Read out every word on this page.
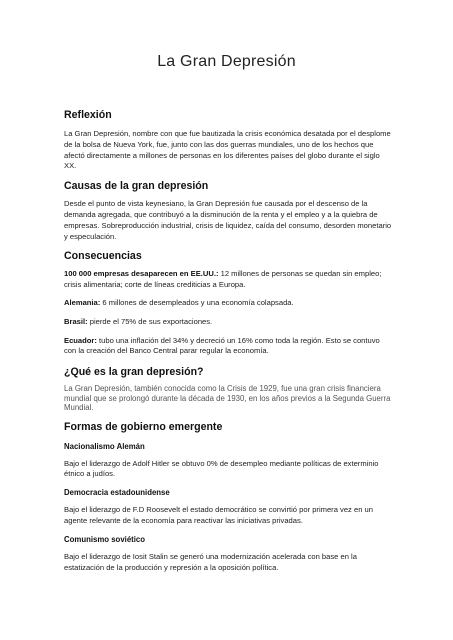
La Gran Depresión
Reflexión

La Gran Depresión, nombre con que fue bautizada la crisis económica desatada por el desplome de la bolsa de Nueva York, fue, junto con las dos guerras mundiales, uno de los hechos que afectó directamente a millones de personas en los diferentes países del globo durante el siglo XX.

Causas de la gran depresión

Desde el punto de vista keynesiano, la Gran Depresión fue causada por el descenso de la demanda agregada, que contribuyó a la disminución de la renta y el empleo y a la quiebra de empresas. Sobreproducción industrial, crisis de liquidez, caída del consumo, desorden monetario y especulación.

Consecuencias

100 000 empresas desaparecen en EE.UU.: 12 millones de personas se quedan sin empleo; crisis alimentaria; corte de líneas crediticias a Europa.

Alemania: 6 millones de desempleados y una economía colapsada.

Brasil: pierde el 75% de sus exportaciones.

Ecuador: tubo una inflación del 34% y decreció un 16% como toda la región. Esto se contuvo con la creación del Banco Central parar regular la economía.

¿Qué es la gran depresión?

La Gran Depresión, también conocida como la Crisis de 1929, fue una gran crisis financiera mundial que se prolongó durante la década de 1930, en los años previos a la Segunda Guerra Mundial.

Formas de gobierno emergente
Nacionalismo Alemán

Bajo el liderazgo de Adolf Hitler se obtuvo 0% de desempleo mediante políticas de exterminio étnico a judíos.

Democracia estadounidense

Bajo el liderazgo de F.D Roosevelt el estado democrático se convirtió por primera vez en un agente relevante de la economía para reactivar las iniciativas privadas.

Comunismo soviético

Bajo el liderazgo de Iosit Stalin se generó una modernización acelerada con base en la estatización de la producción y represión a la oposición política.
